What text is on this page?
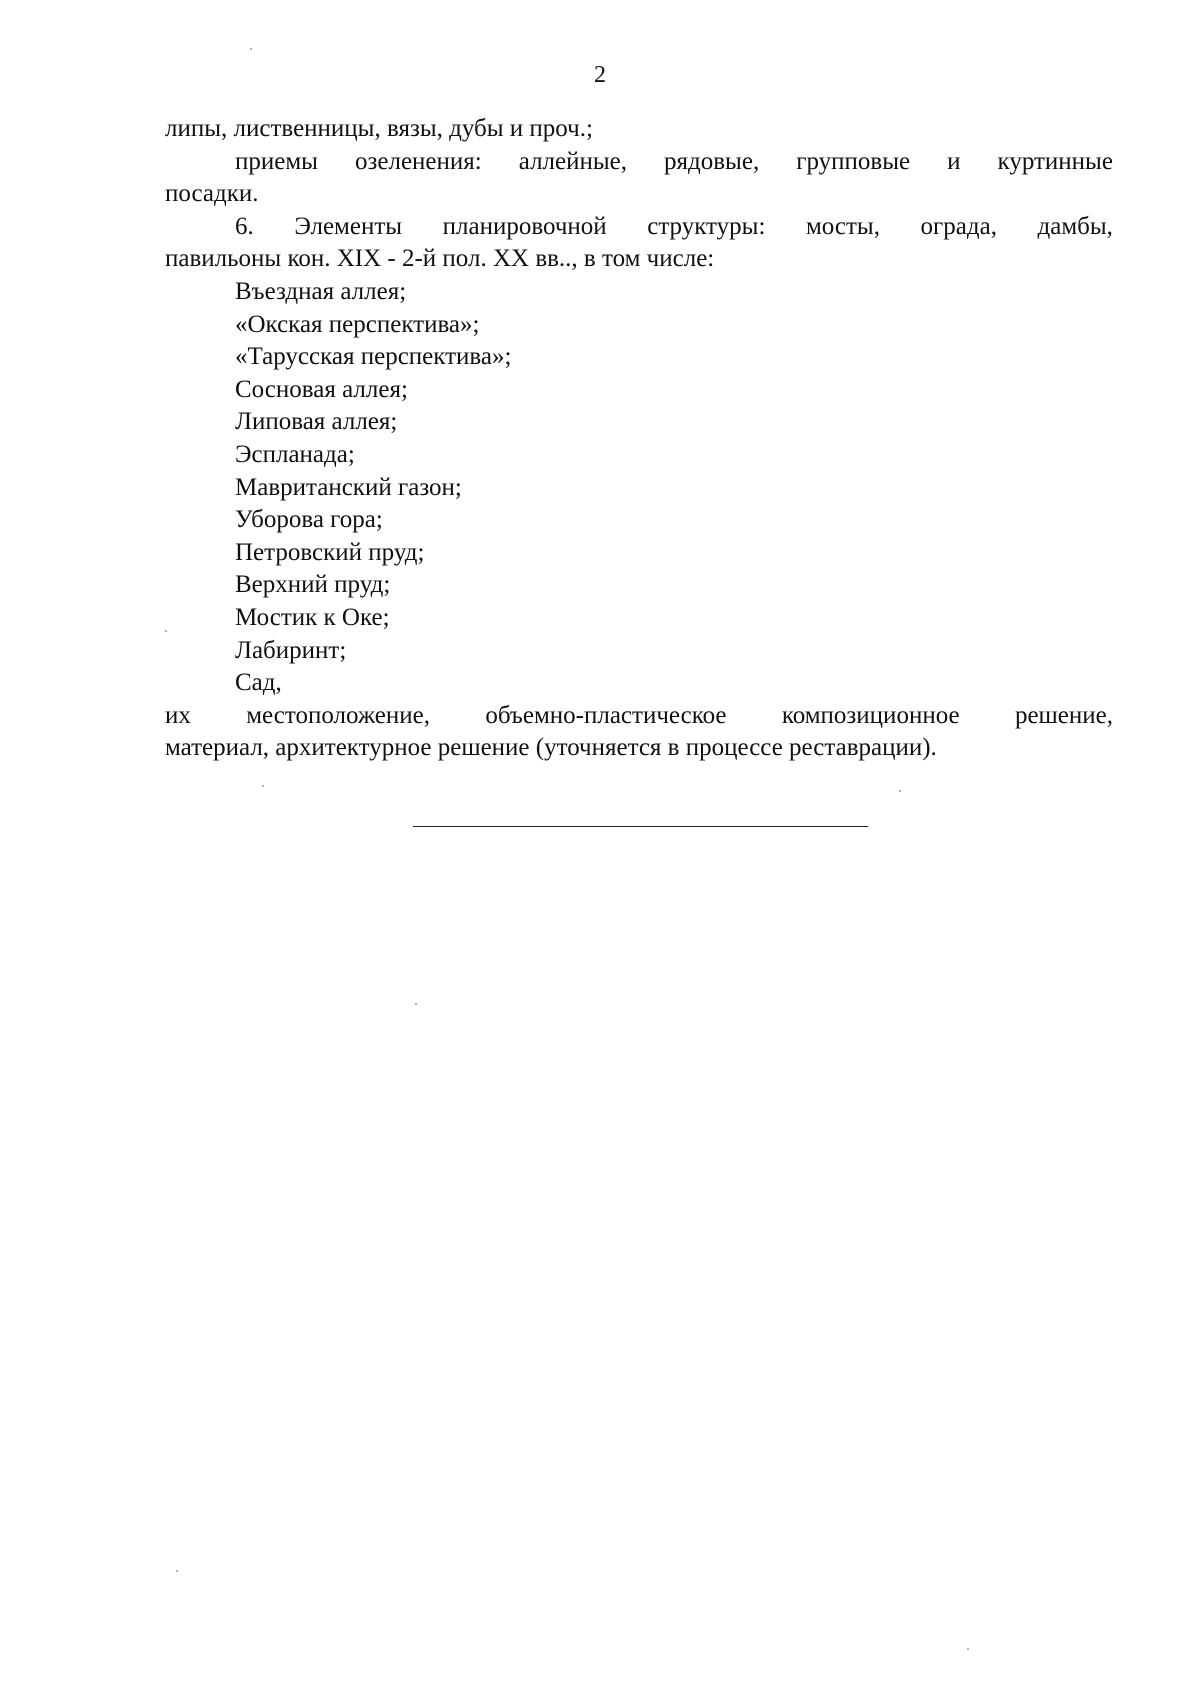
2
липы, лиственницы, вязы, дубы и проч.;
приемы озеленения: аллейные, рядовые, групповые и куртинные
посадки.
6. Элементы планировочной структуры: мосты, ограда, дамбы,
павильоны кон. XIX - 2-й пол. XX вв.., в том числе:
Въездная аллея;
«Окская перспектива»;
«Тарусская перспектива»;
Сосновая аллея;
Липовая аллея;
Эспланада;
Мавританский газон;
Уборова гора;
Петровский пруд;
Верхний пруд;
Мостик к Оке;
Лабиринт;
Сад,
их местоположение, объемно-пластическое композиционное решение,
материал, архитектурное решение (уточняется в процессе реставрации).
